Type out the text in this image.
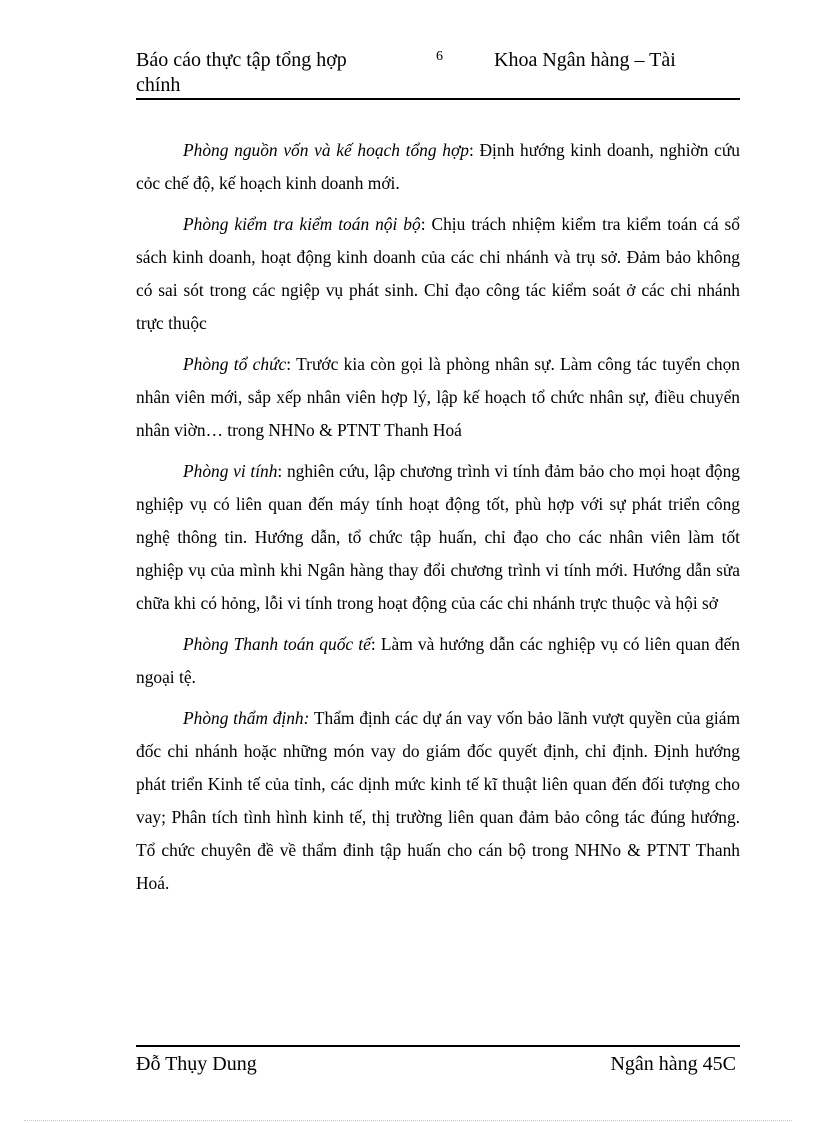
Báo cáo thực tập tổng hợp chính
6	Khoa Ngân hàng – Tài

Phòng nguồn vốn và kế hoạch tổng hợp: Định hướng kinh doanh, nghiờn cứu cỏc chế độ, kế hoạch kinh doanh mới.

Phòng kiểm tra kiểm toán nội bộ: Chịu trách nhiệm kiểm tra kiểm toán cá sổ sách kinh doanh, hoạt động kinh doanh của các chi nhánh và trụ sở. Đảm bảo không có sai sót trong các ngiệp vụ phát sinh. Chỉ đạo công tác kiểm soát ở các chi nhánh trực thuộc

Phòng tổ chức: Trước kia còn gọi là phòng nhân sự. Làm công tác tuyển chọn nhân viên mới, sắp xếp nhân viên hợp lý, lập kế hoạch tổ chức nhân sự, điều chuyển nhân viờn… trong NHNo & PTNT Thanh Hoá

Phòng vi tính: nghiên cứu, lập chương trình vi tính đảm bảo cho mọi hoạt động nghiệp vụ có liên quan đến máy tính hoạt động tốt, phù hợp với sự phát triển công nghệ thông tin. Hướng dẫn, tổ chức tập huấn, chỉ đạo cho các nhân viên làm tốt nghiệp vụ của mình khi Ngân hàng thay đổi chương trình vi tính mới. Hướng dẫn sửa chữa khi có hỏng, lỗi vi tính trong hoạt động của các chi nhánh trực thuộc và hội sở

Phòng Thanh toán quốc tế: Làm và hướng dẫn các nghiệp vụ có liên quan đến ngoại tệ.

Phòng thẩm định: Thẩm định các dự án vay vốn bảo lãnh vượt quyền của giám đốc chi nhánh hoặc những món vay do giám đốc quyết định, chỉ định. Định hướng phát triển Kinh tế của tỉnh, các dịnh mức kinh tế kĩ thuật liên quan đến đối tượng cho vay; Phân tích tình hình kinh tế, thị trường liên quan đảm bảo công tác đúng hướng. Tổ chức chuyên đề về thẩm đinh tập huấn cho cán bộ trong NHNo & PTNT Thanh Hoá.

Đỗ Thụy Dung	Ngân hàng 45C
